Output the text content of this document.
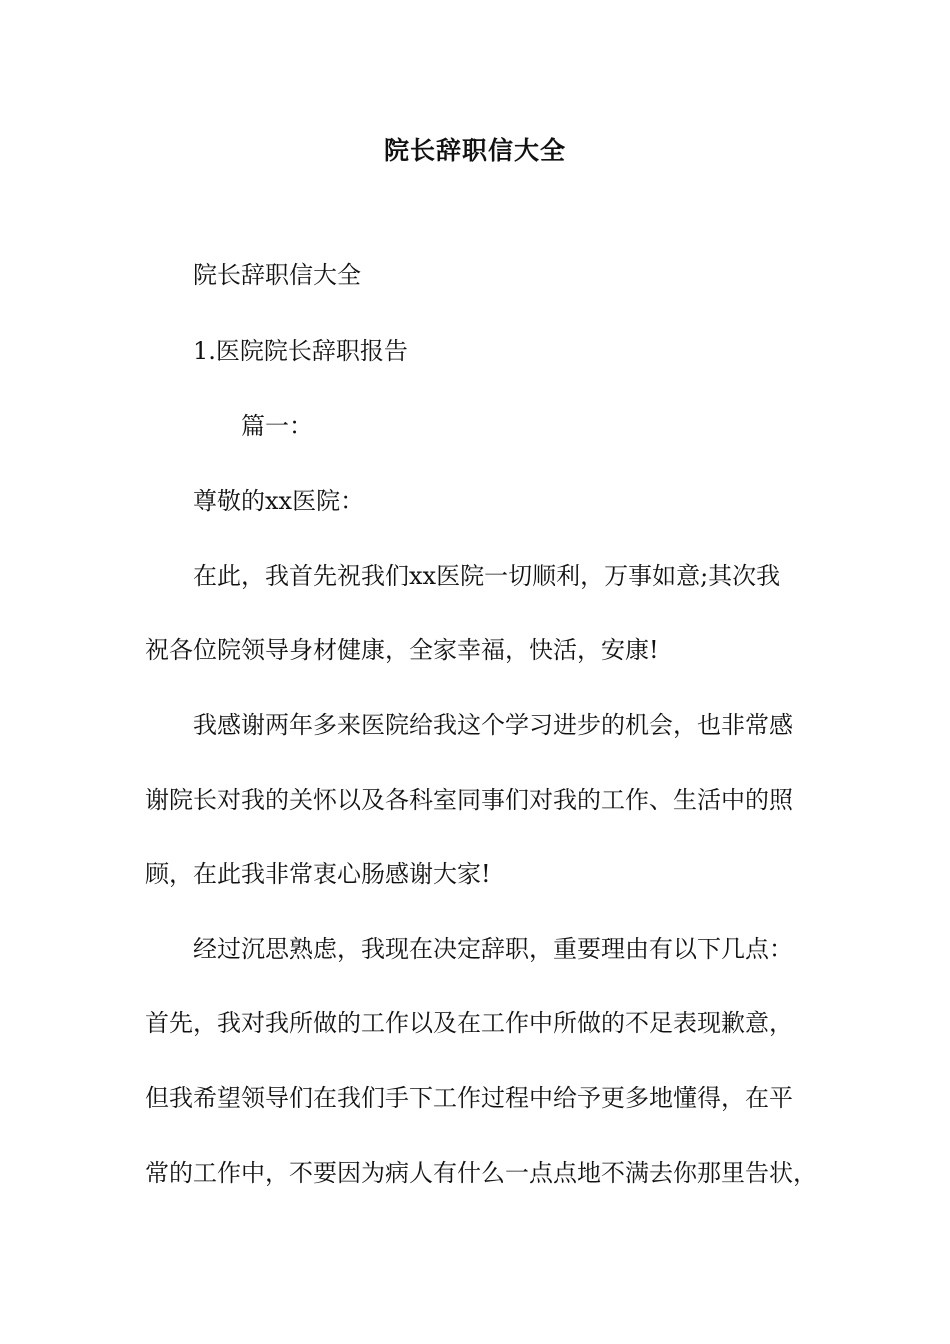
院长辞职信大全
院长辞职信大全
1.医院院长辞职报告
篇一：
尊敬的xx医院：
在此，我首先祝我们xx医院一切顺利，万事如意;其次我
祝各位院领导身材健康，全家幸福，快活，安康!
我感谢两年多来医院给我这个学习进步的机会，也非常感
谢院长对我的关怀以及各科室同事们对我的工作、生活中的照
顾，在此我非常衷心肠感谢大家!
经过沉思熟虑，我现在决定辞职，重要理由有以下几点：
首先，我对我所做的工作以及在工作中所做的不足表现歉意，
但我希望领导们在我们手下工作过程中给予更多地懂得，在平
常的工作中，不要因为病人有什么一点点地不满去你那里告状，
